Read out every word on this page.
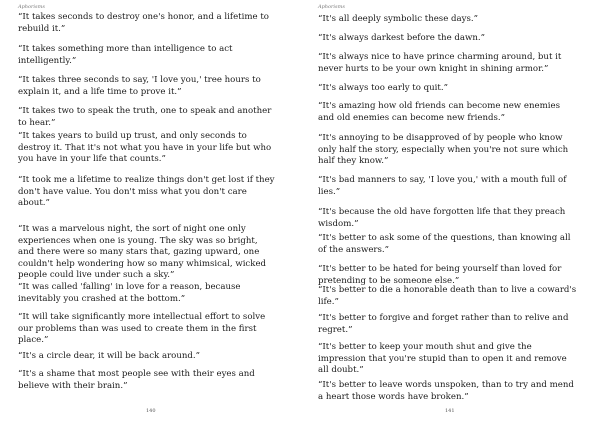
Aphorisms
“It takes seconds to destroy one's honor, and a lifetime to
rebuild it.”
“It takes something more than intelligence to act
intelligently.”
“It takes three seconds to say, 'I love you,' tree hours to
explain it, and a life time to prove it.”
“It takes two to speak the truth, one to speak and another
to hear.”
“It takes years to build up trust, and only seconds to
destroy it. That it's not what you have in your life but who
you have in your life that counts.”
“It took me a lifetime to realize things don't get lost if they
don't have value. You don't miss what you don't care
about.”
“It was a marvelous night, the sort of night one only
experiences when one is young. The sky was so bright,
and there were so many stars that, gazing upward, one
couldn't help wondering how so many whimsical, wicked
people could live under such a sky.”
“It was called 'falling' in love for a reason, because
inevitably you crashed at the bottom.”
“It will take significantly more intellectual effort to solve
our problems than was used to create them in the first
place.”
“It's a circle dear, it will be back around.”
“It's a shame that most people see with their eyes and
believe with their brain.”
140
Aphorisms
“It's all deeply symbolic these days.”
“It's always darkest before the dawn.”
“It's always nice to have prince charming around, but it
never hurts to be your own knight in shining armor.”
“It's always too early to quit.”
“It's amazing how old friends can become new enemies
and old enemies can become new friends.”
“It's annoying to be disapproved of by people who know
only half the story, especially when you're not sure which
half they know.”
“It's bad manners to say, 'I love you,' with a mouth full of
lies.”
“It's because the old have forgotten life that they preach
wisdom.”
“It's better to ask some of the questions, than knowing all
of the answers.”
“It's better to be hated for being yourself than loved for
pretending to be someone else.”
“It's better to die a honorable death than to live a coward's
life.”
“It's better to forgive and forget rather than to relive and
regret.”
“It's better to keep your mouth shut and give the
impression that you're stupid than to open it and remove
all doubt.”
“It's better to leave words unspoken, than to try and mend
a heart those words have broken.”
141
